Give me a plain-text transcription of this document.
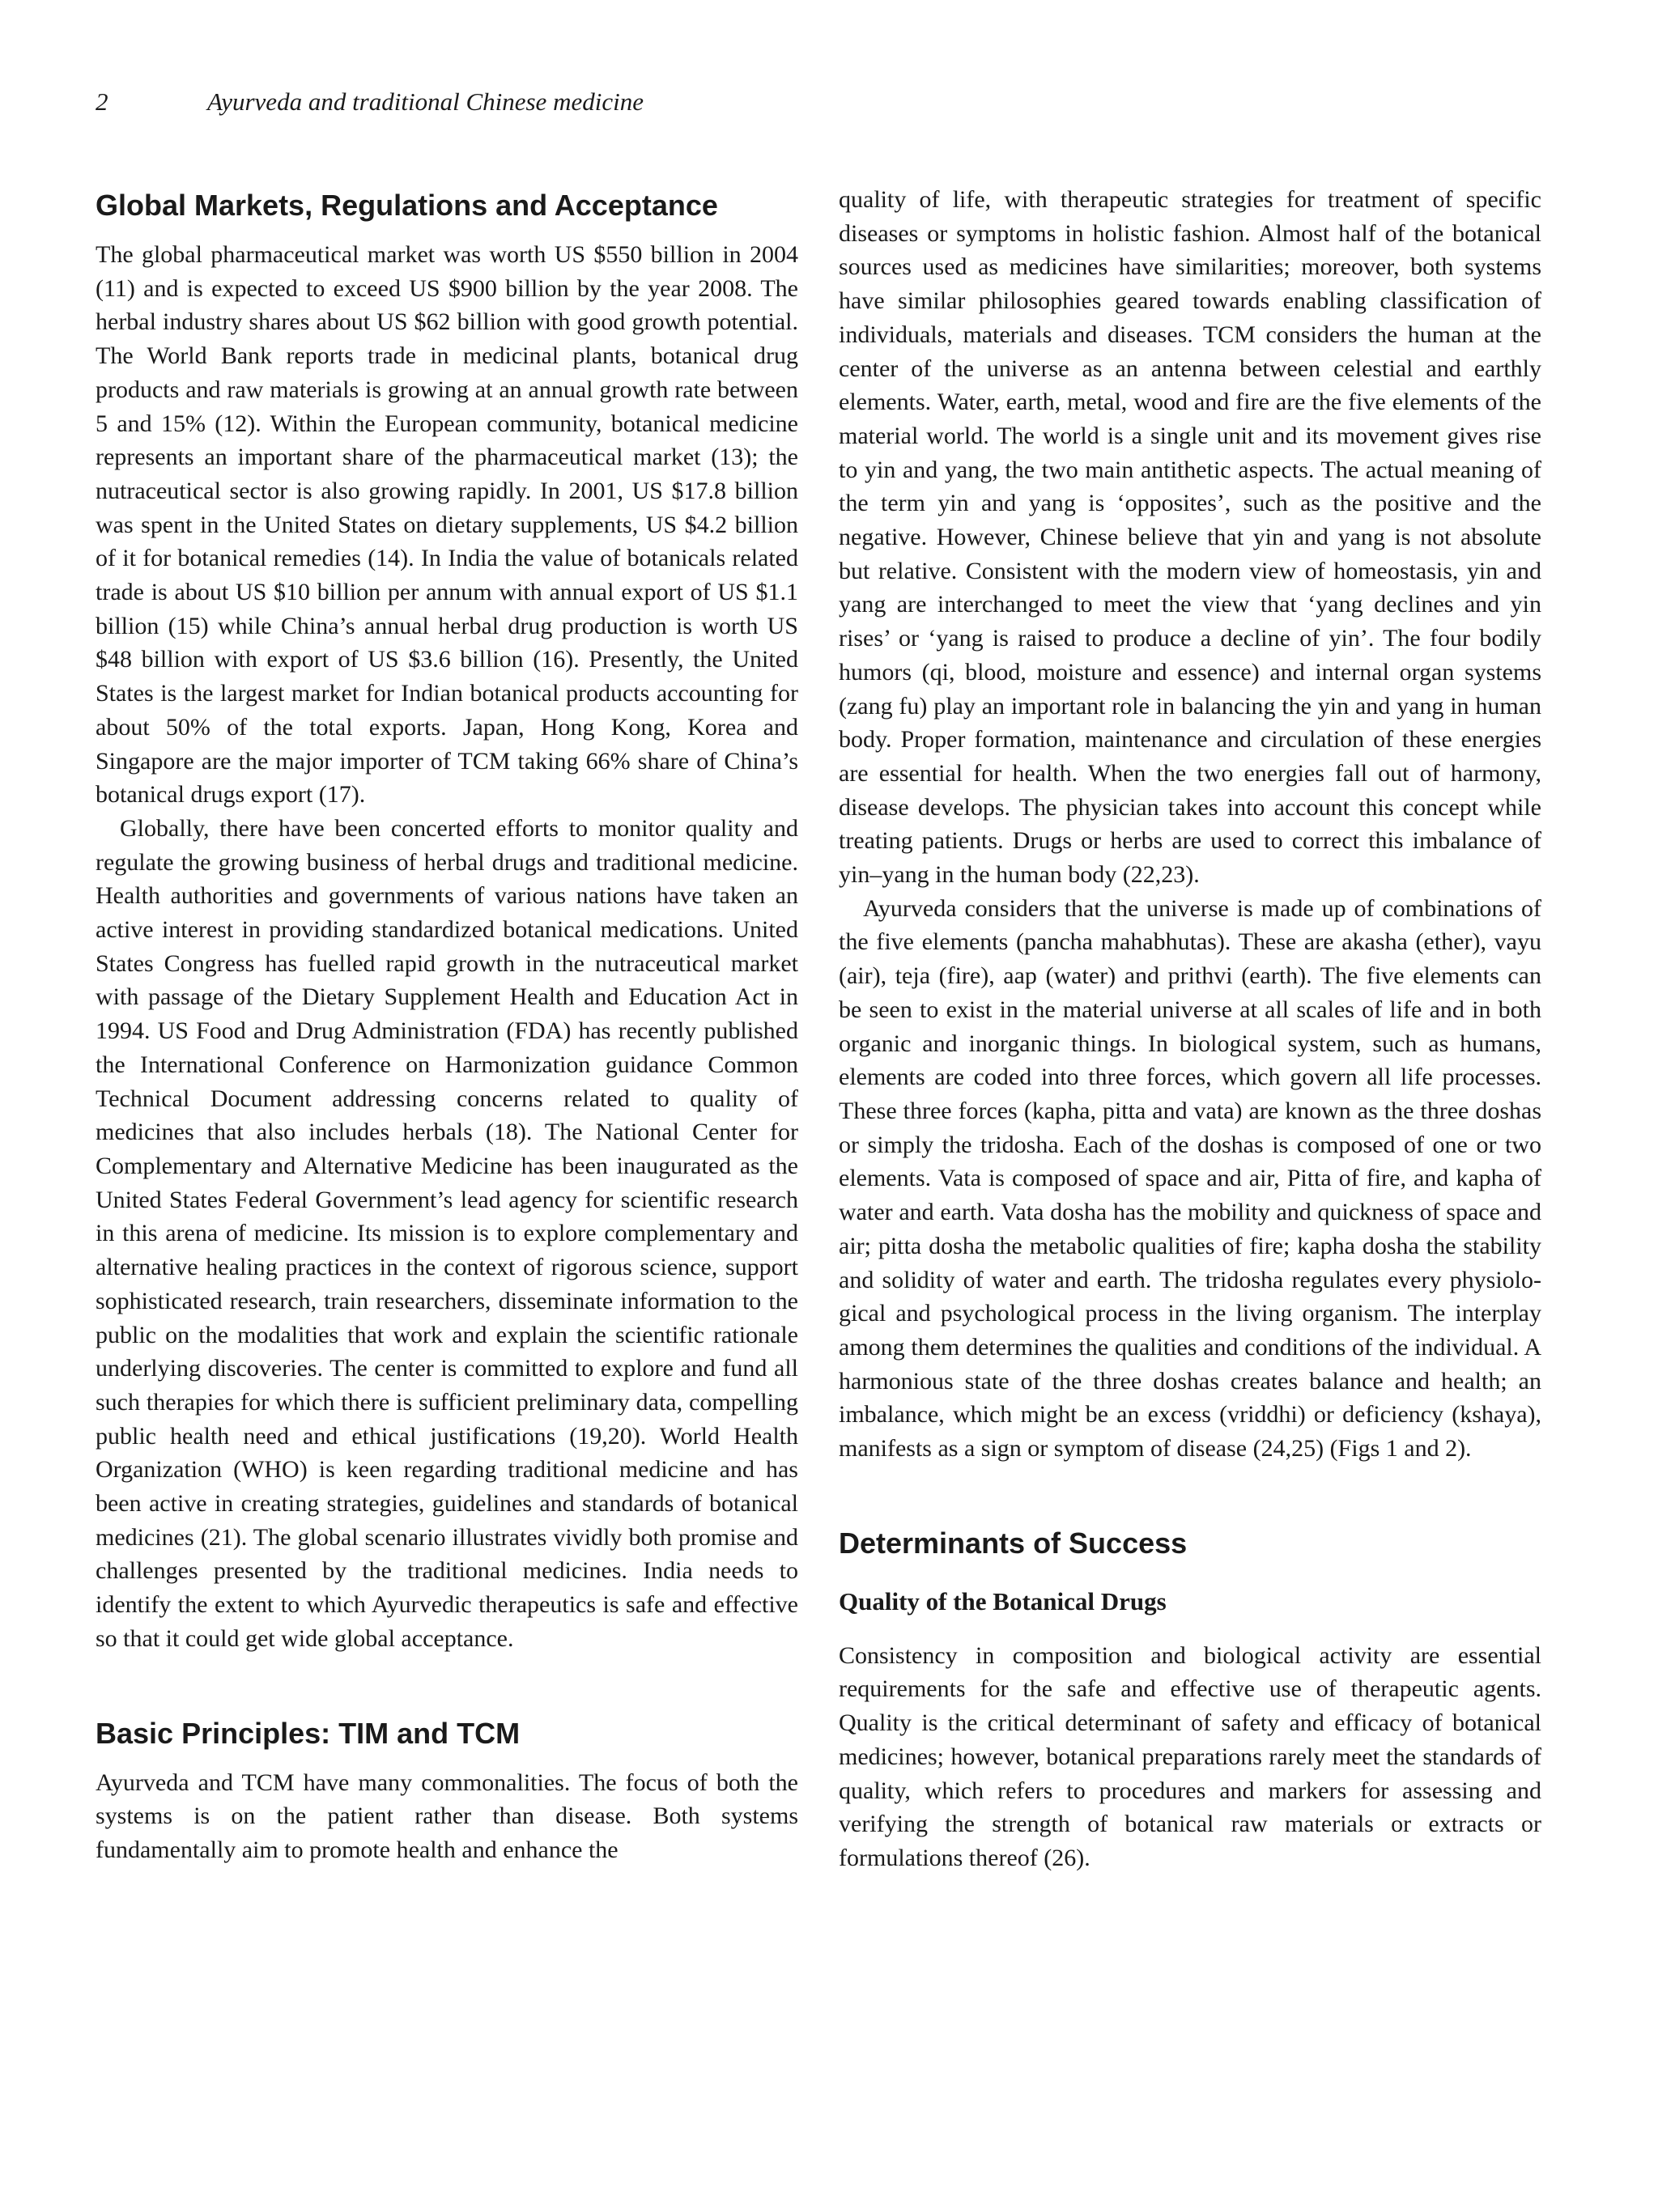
2	Ayurveda and traditional Chinese medicine
Global Markets, Regulations and Acceptance

The global pharmaceutical market was worth US $550 billion in 2004 (11) and is expected to exceed US $900 billion by the year 2008. The herbal industry shares about US $62 billion with good growth potential. The World Bank reports trade in medicinal plants, botanical drug products and raw materials is growing at an annual growth rate between 5 and 15% (12). Within the European community, botanical medicine represents an important share of the pharmaceutical market (13); the nutraceutical sector is also growing rapidly. In 2001, US $17.8 billion was spent in the United States on dietary supplements, US $4.2 billion of it for botanical remedies (14). In India the value of botanicals related trade is about US $10 billion per annum with annual export of US $1.1 billion (15) while China’s annual herbal drug production is worth US $48 billion with export of US $3.6 billion (16). Presently, the United States is the largest market for Indian botanical products accounting for about 50% of the total exports. Japan, Hong Kong, Korea and Singapore are the major importer of TCM taking 66% share of China’s botanical drugs export (17).

Globally, there have been concerted efforts to monitor quality and regulate the growing business of herbal drugs and traditional medicine. Health authorities and governments of various nations have taken an active interest in providing standardized botanical medications. United States Congress has fuelled rapid growth in the nutraceutical market with passage of the Dietary Supplement Health and Education Act in 1994. US Food and Drug Administration (FDA) has recently published the International Conference on Harmonization guidance Common Technical Document addressing concerns related to quality of medicines that also includes herbals (18). The National Center for Complementary and Alternative Medicine has been inaugurated as the United States Federal Government’s lead agency for scientific research in this arena of medicine. Its mission is to explore complementary and alternative healing practices in the context of rigorous science, support sophisticated research, train researchers, disseminate information to the public on the modalities that work and explain the scientific rationale underlying discoveries. The center is committed to explore and fund all such therapies for which there is sufficient preliminary data, compelling public health need and ethical justifications (19,20). World Health Organization (WHO) is keen regarding traditional medicine and has been active in creating strategies, guidelines and standards of botanical medicines (21). The global scenario illustrates vividly both promise and challenges presented by the traditional medicines. India needs to identify the extent to which Ayurvedic therapeutics is safe and effective so that it could get wide global acceptance.

Basic Principles: TIM and TCM

Ayurveda and TCM have many commonalities. The focus of both the systems is on the patient rather than disease. Both systems fundamentally aim to promote health and enhance the

quality of life, with therapeutic strategies for treatment of specific diseases or symptoms in holistic fashion. Almost half of the botanical sources used as medicines have similarities; moreover, both systems have similar philosophies geared towards enabling classification of individuals, materials and diseases. TCM considers the human at the center of the universe as an antenna between celestial and earthly elements. Water, earth, metal, wood and fire are the five elements of the material world. The world is a single unit and its movement gives rise to yin and yang, the two main antithetic aspects. The actual meaning of the term yin and yang is ‘opposites’, such as the positive and the negative. However, Chinese believe that yin and yang is not absolute but relative. Consistent with the modern view of homeostasis, yin and yang are interchanged to meet the view that ‘yang declines and yin rises’ or ‘yang is raised to produce a decline of yin’. The four bodily humors (qi, blood, moisture and essence) and internal organ systems (zang fu) play an important role in balancing the yin and yang in human body. Proper formation, maintenance and circulation of these energies are essential for health. When the two energies fall out of harmony, disease develops. The physician takes into account this concept while treating patients. Drugs or herbs are used to correct this imbalance of yin–yang in the human body (22,23).

Ayurveda considers that the universe is made up of combinations of the five elements (pancha mahabhutas). These are akasha (ether), vayu (air), teja (fire), aap (water) and prithvi (earth). The five elements can be seen to exist in the material universe at all scales of life and in both organic and inorganic things. In biological system, such as humans, elements are coded into three forces, which govern all life processes. These three forces (kapha, pitta and vata) are known as the three doshas or simply the tridosha. Each of the doshas is composed of one or two elements. Vata is composed of space and air, Pitta of fire, and kapha of water and earth. Vata dosha has the mobility and quickness of space and air; pitta dosha the metabolic qualities of fire; kapha dosha the stability and solidity of water and earth. The tridosha regulates every physiological and psychological process in the living organism. The interplay among them determines the qualities and conditions of the individual. A harmonious state of the three doshas creates balance and health; an imbalance, which might be an excess (vriddhi) or deficiency (kshaya), manifests as a sign or symptom of disease (24,25) (Figs 1 and 2).

Determinants of Success
Quality of the Botanical Drugs

Consistency in composition and biological activity are essential requirements for the safe and effective use of therapeutic agents. Quality is the critical determinant of safety and efficacy of botanical medicines; however, botanical preparations rarely meet the standards of quality, which refers to procedures and markers for assessing and verifying the strength of botanical raw materials or extracts or formulations thereof (26).
